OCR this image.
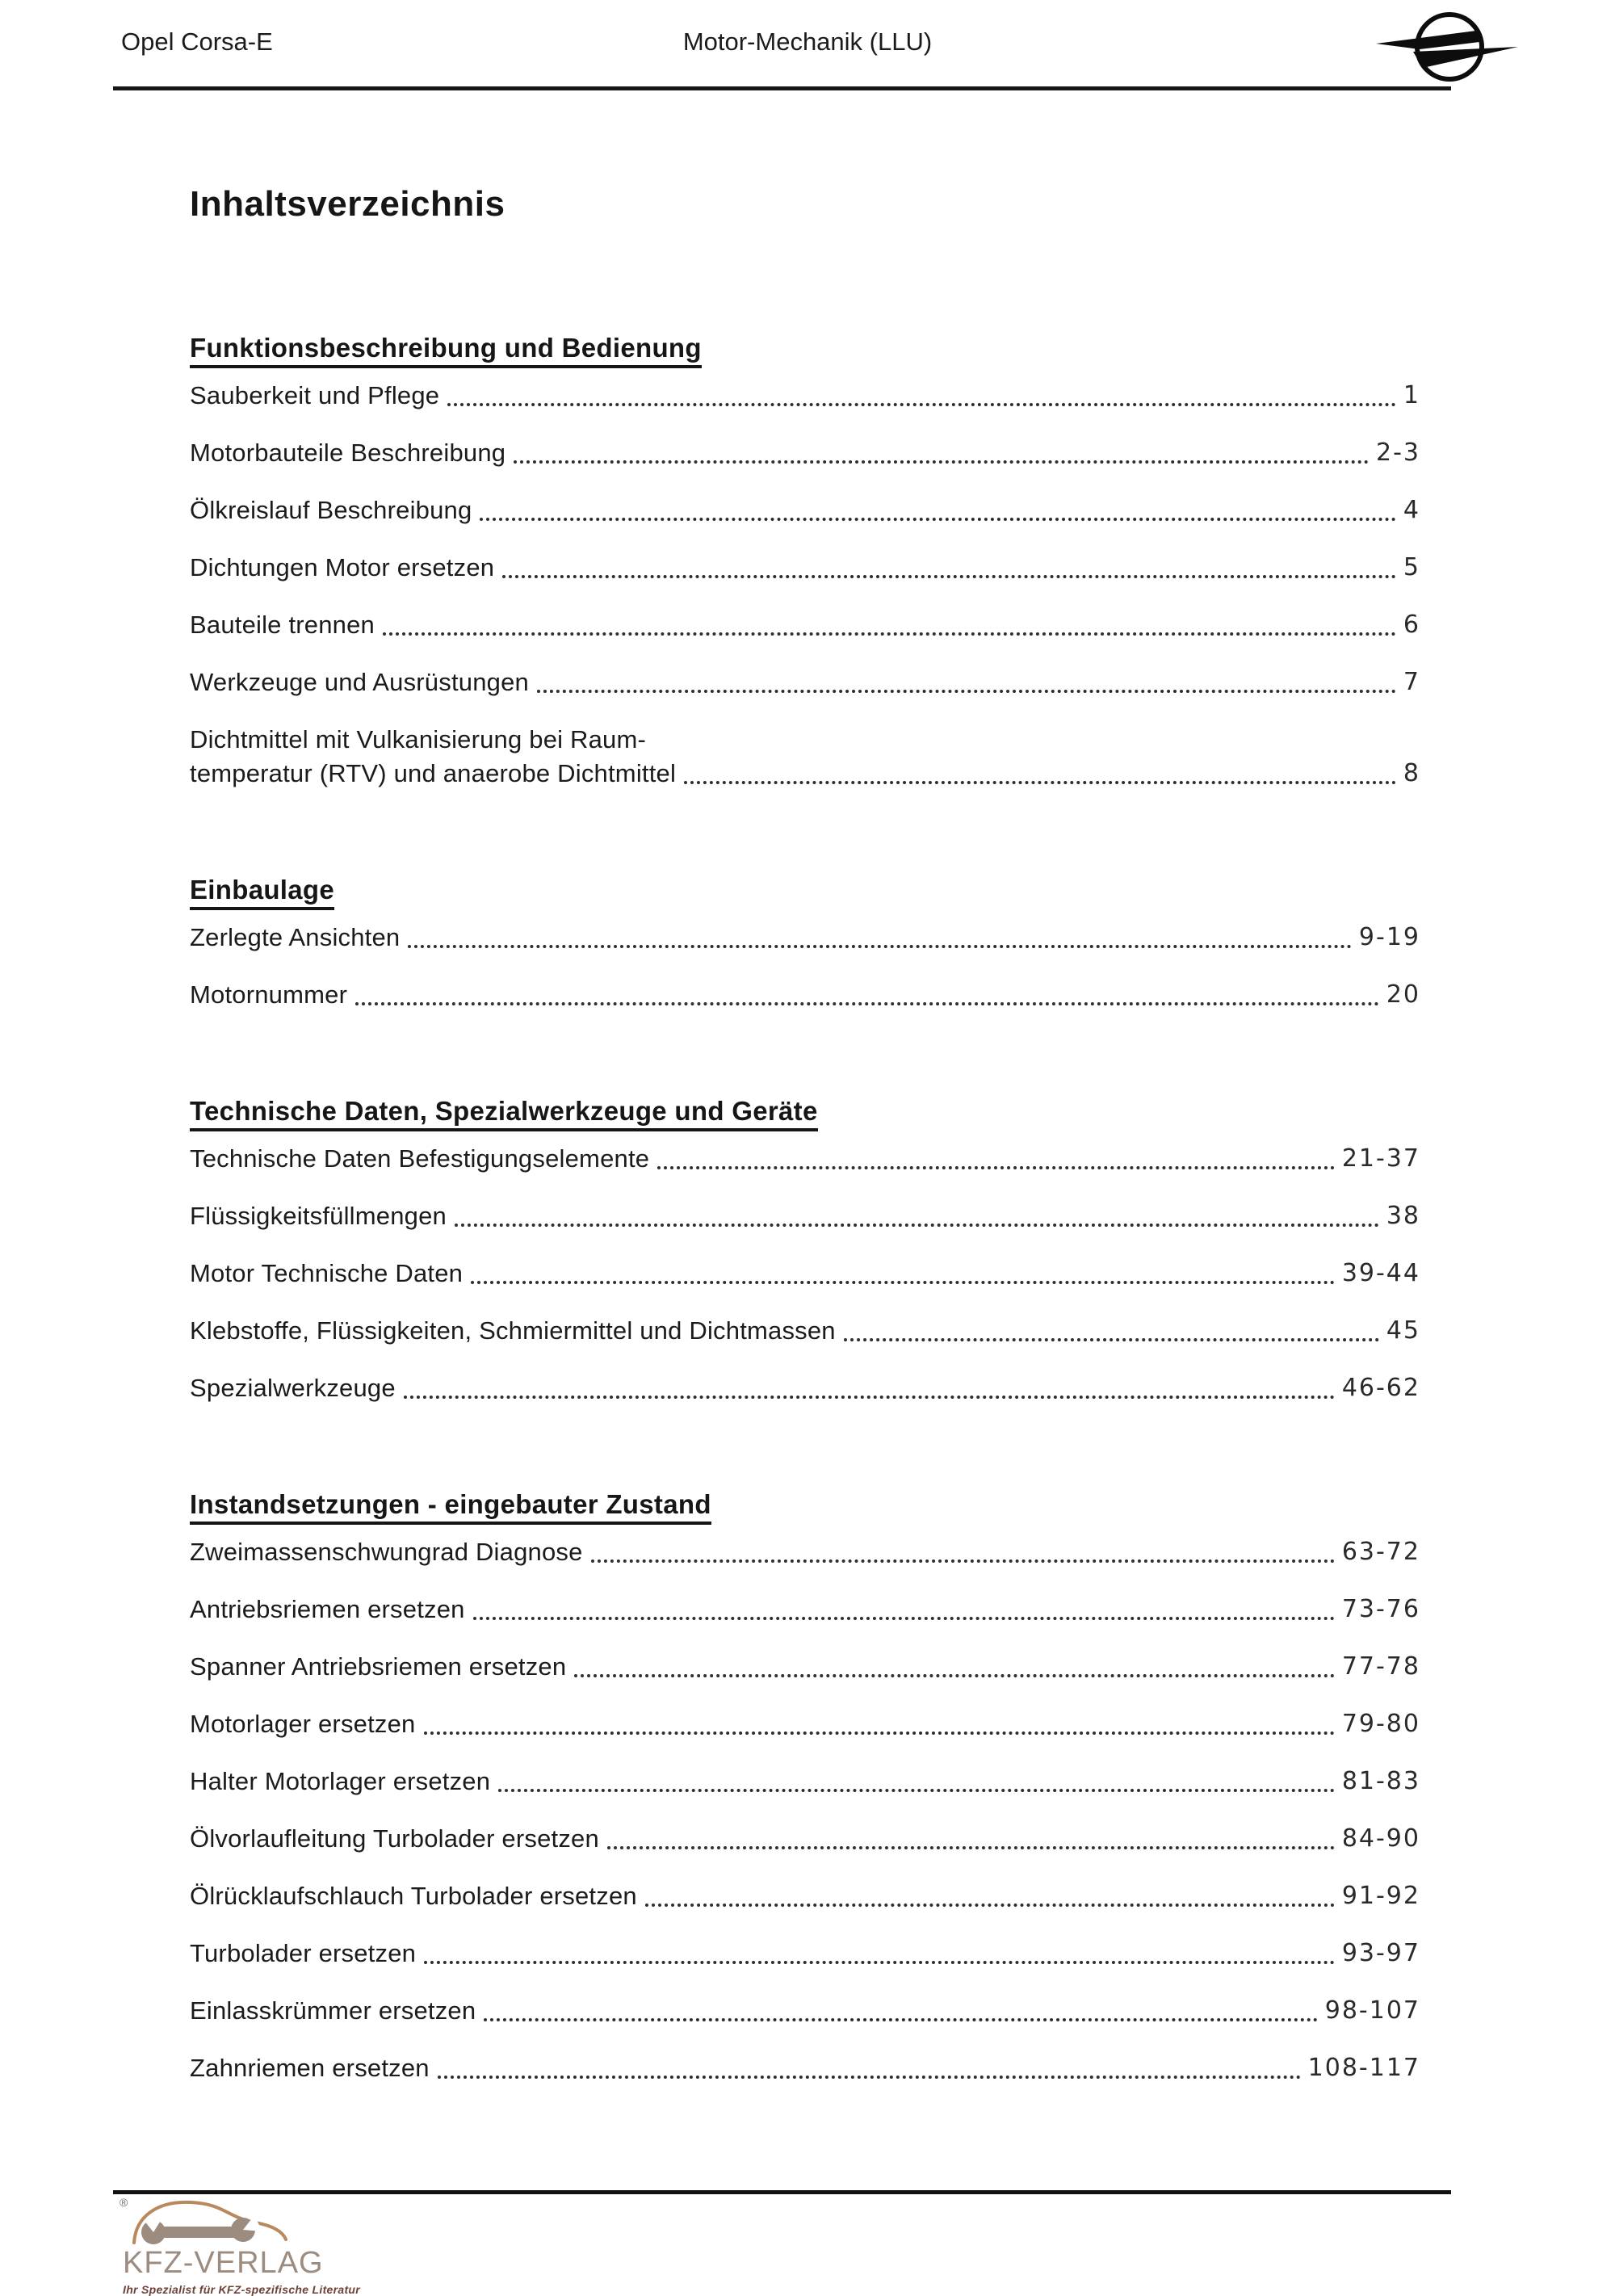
Opel Corsa-E	Motor-Mechanik (LLU)
Inhaltsverzeichnis
Funktionsbeschreibung und Bedienung
Sauberkeit und Pflege	1
Motorbauteile Beschreibung	2-3
Ölkreislauf Beschreibung	4
Dichtungen Motor ersetzen	5
Bauteile trennen	6
Werkzeuge und Ausrüstungen	7
Dichtmittel mit Vulkanisierung bei Raum-
temperatur (RTV) und anaerobe Dichtmittel	8
Einbaulage
Zerlegte Ansichten	9-19
Motornummer	20
Technische Daten, Spezialwerkzeuge und Geräte
Technische Daten Befestigungselemente	21-37
Flüssigkeitsfüllmengen	38
Motor Technische Daten	39-44
Klebstoffe, Flüssigkeiten, Schmiermittel und Dichtmassen	45
Spezialwerkzeuge	46-62
Instandsetzungen - eingebauter Zustand
Zweimassenschwungrad Diagnose	63-72
Antriebsriemen ersetzen	73-76
Spanner Antriebsriemen ersetzen	77-78
Motorlager ersetzen	79-80
Halter Motorlager ersetzen	81-83
Ölvorlaufleitung Turbolader ersetzen	84-90
Ölrücklaufschlauch Turbolader ersetzen	91-92
Turbolader ersetzen	93-97
Einlasskrümmer ersetzen	98-107
Zahnriemen ersetzen	108-117
®
KFZ-VERLAG
Ihr Spezialist für KFZ-spezifische Literatur
